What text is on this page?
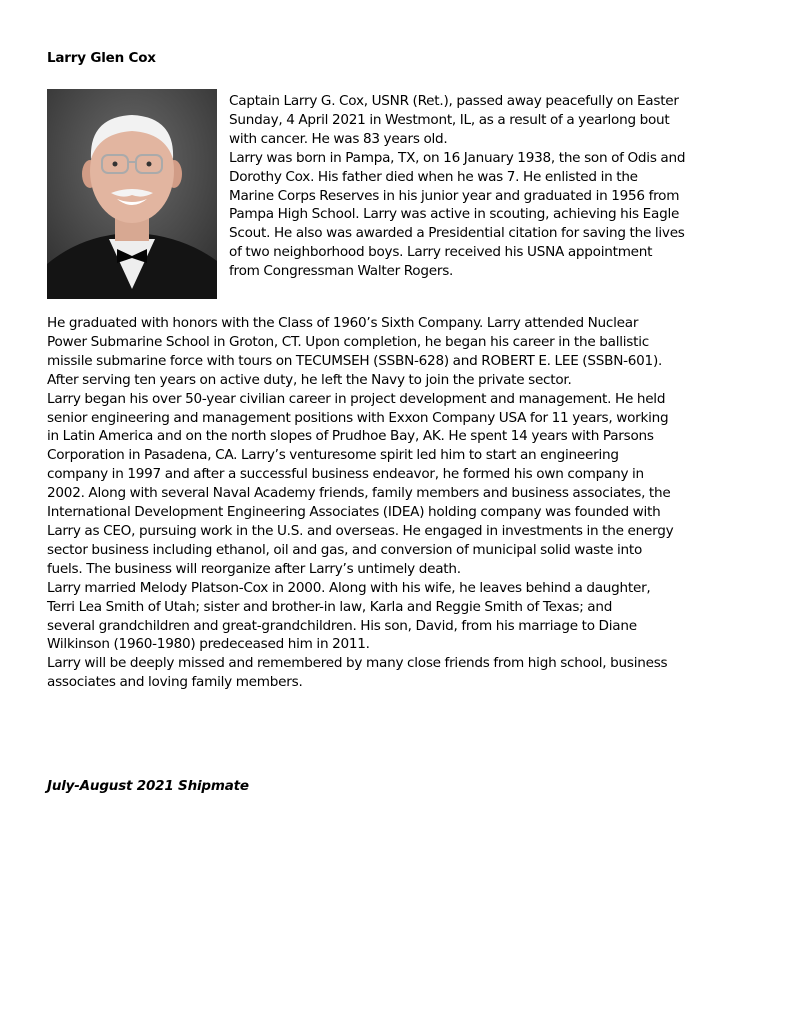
Larry Glen Cox
Captain Larry G. Cox, USNR (Ret.), passed away peacefully on Easter
Sunday, 4 April 2021 in Westmont, IL, as a result of a yearlong bout
with cancer. He was 83 years old.
Larry was born in Pampa, TX, on 16 January 1938, the son of Odis and
Dorothy Cox. His father died when he was 7. He enlisted in the
Marine Corps Reserves in his junior year and graduated in 1956 from
Pampa High School. Larry was active in scouting, achieving his Eagle
Scout. He also was awarded a Presidential citation for saving the lives
of two neighborhood boys. Larry received his USNA appointment
from Congressman Walter Rogers.
He graduated with honors with the Class of 1960’s Sixth Company. Larry attended Nuclear
Power Submarine School in Groton, CT. Upon completion, he began his career in the ballistic
missile submarine force with tours on TECUMSEH (SSBN-628) and ROBERT E. LEE (SSBN-601).
After serving ten years on active duty, he left the Navy to join the private sector.
Larry began his over 50-year civilian career in project development and management. He held
senior engineering and management positions with Exxon Company USA for 11 years, working
in Latin America and on the north slopes of Prudhoe Bay, AK. He spent 14 years with Parsons
Corporation in Pasadena, CA. Larry’s venturesome spirit led him to start an engineering
company in 1997 and after a successful business endeavor, he formed his own company in
2002. Along with several Naval Academy friends, family members and business associates, the
International Development Engineering Associates (IDEA) holding company was founded with
Larry as CEO, pursuing work in the U.S. and overseas. He engaged in investments in the energy
sector business including ethanol, oil and gas, and conversion of municipal solid waste into
fuels. The business will reorganize after Larry’s untimely death.
Larry married Melody Platson-Cox in 2000. Along with his wife, he leaves behind a daughter,
Terri Lea Smith of Utah; sister and brother-in law, Karla and Reggie Smith of Texas; and
several grandchildren and great-grandchildren. His son, David, from his marriage to Diane
Wilkinson (1960-1980) predeceased him in 2011.
Larry will be deeply missed and remembered by many close friends from high school, business
associates and loving family members.
July-August 2021 Shipmate
